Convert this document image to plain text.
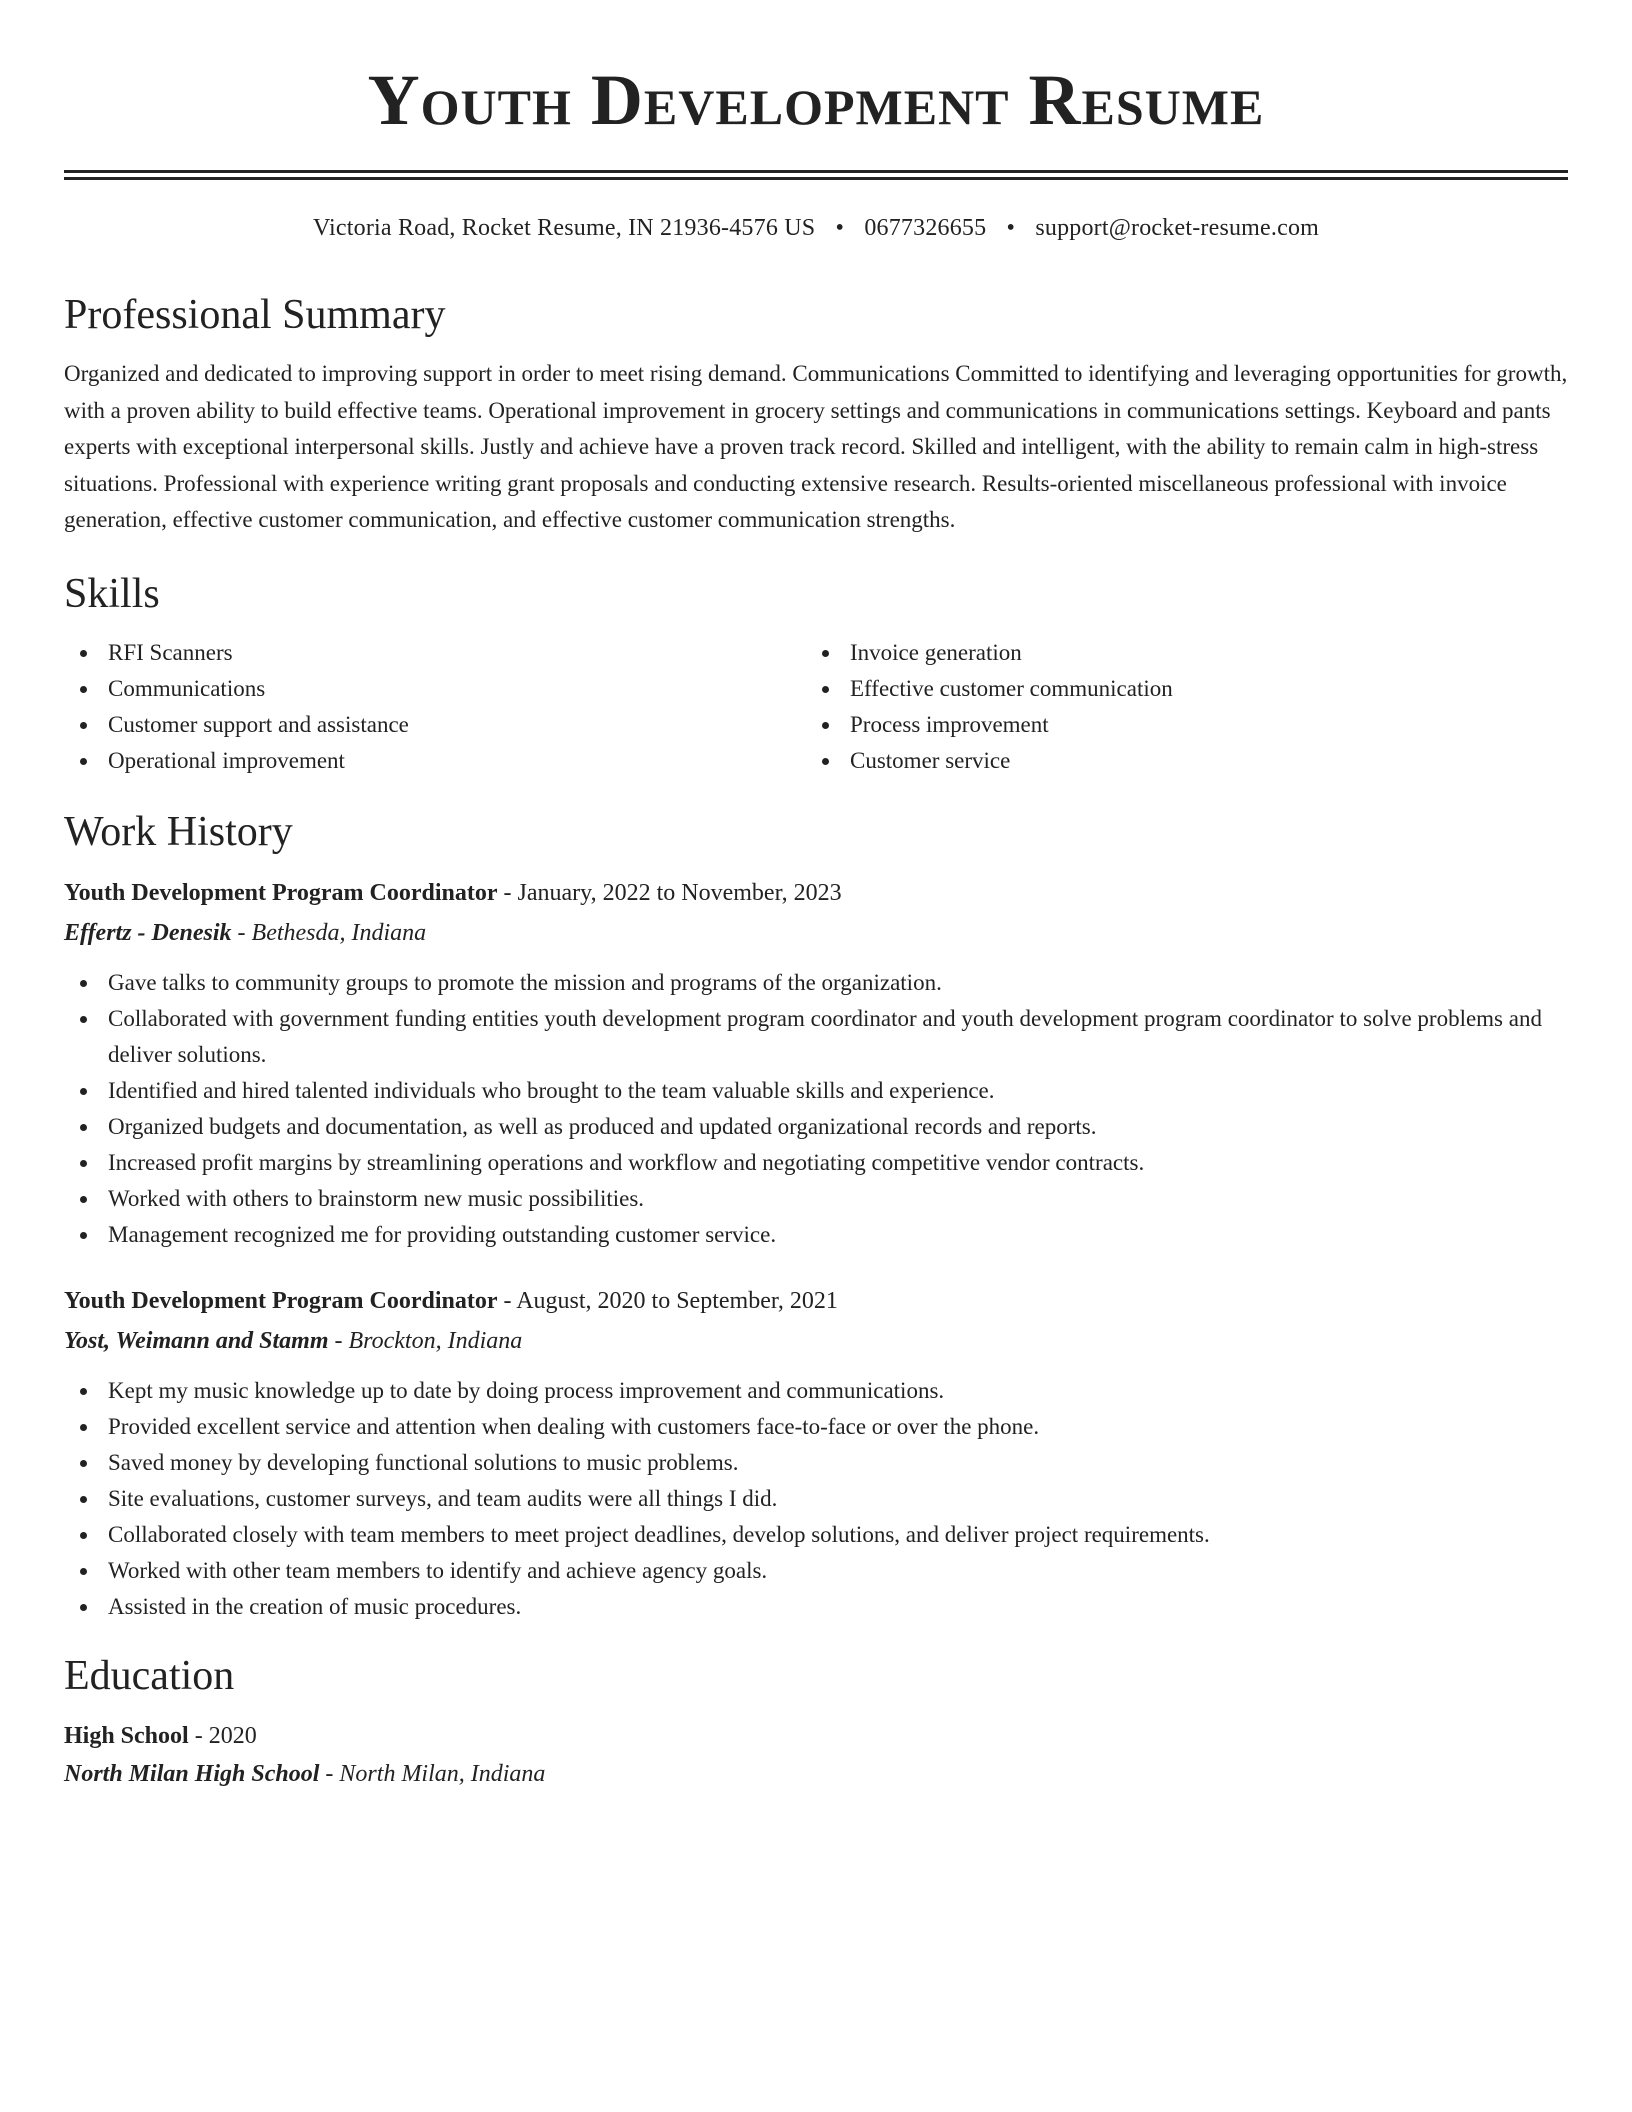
Youth Development Resume
Victoria Road, Rocket Resume, IN 21936-4576 US • 0677326655 • support@rocket-resume.com
Professional Summary

Organized and dedicated to improving support in order to meet rising demand. Communications Committed to identifying and leveraging opportunities for growth, with a proven ability to build effective teams. Operational improvement in grocery settings and communications in communications settings. Keyboard and pants experts with exceptional interpersonal skills. Justly and achieve have a proven track record. Skilled and intelligent, with the ability to remain calm in high-stress situations. Professional with experience writing grant proposals and conducting extensive research. Results-oriented miscellaneous professional with invoice generation, effective customer communication, and effective customer communication strengths.

Skills
RFI Scanners
Communications
Customer support and assistance
Operational improvement
Invoice generation
Effective customer communication
Process improvement
Customer service
Work History
Youth Development Program Coordinator - January, 2022 to November, 2023
Effertz - Denesik - Bethesda, Indiana
Gave talks to community groups to promote the mission and programs of the organization.
Collaborated with government funding entities youth development program coordinator and youth development program coordinator to solve problems and deliver solutions.
Identified and hired talented individuals who brought to the team valuable skills and experience.
Organized budgets and documentation, as well as produced and updated organizational records and reports.
Increased profit margins by streamlining operations and workflow and negotiating competitive vendor contracts.
Worked with others to brainstorm new music possibilities.
Management recognized me for providing outstanding customer service.
Youth Development Program Coordinator - August, 2020 to September, 2021
Yost, Weimann and Stamm - Brockton, Indiana
Kept my music knowledge up to date by doing process improvement and communications.
Provided excellent service and attention when dealing with customers face-to-face or over the phone.
Saved money by developing functional solutions to music problems.
Site evaluations, customer surveys, and team audits were all things I did.
Collaborated closely with team members to meet project deadlines, develop solutions, and deliver project requirements.
Worked with other team members to identify and achieve agency goals.
Assisted in the creation of music procedures.
Education
High School - 2020
North Milan High School - North Milan, Indiana
